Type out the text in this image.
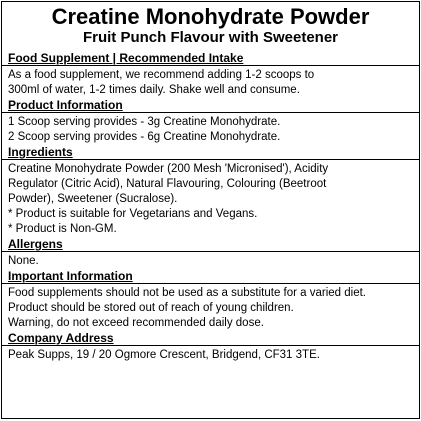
Creatine Monohydrate Powder
Fruit Punch Flavour with Sweetener
Food Supplement | Recommended Intake
As a food supplement, we recommend adding 1-2 scoops to
300ml of water, 1-2 times daily. Shake well and consume.
Product Information
1 Scoop serving provides - 3g Creatine Monohydrate.
2 Scoop serving provides - 6g Creatine Monohydrate.
Ingredients
Creatine Monohydrate Powder (200 Mesh 'Micronised'), Acidity
Regulator (Citric Acid), Natural Flavouring, Colouring (Beetroot
Powder), Sweetener (Sucralose).
* Product is suitable for Vegetarians and Vegans.
* Product is Non-GM.
Allergens
None.
Important Information
Food supplements should not be used as a substitute for a varied diet.
Product should be stored out of reach of young children.
Warning, do not exceed recommended daily dose.
Company Address
Peak Supps, 19 / 20 Ogmore Crescent, Bridgend, CF31 3TE.
